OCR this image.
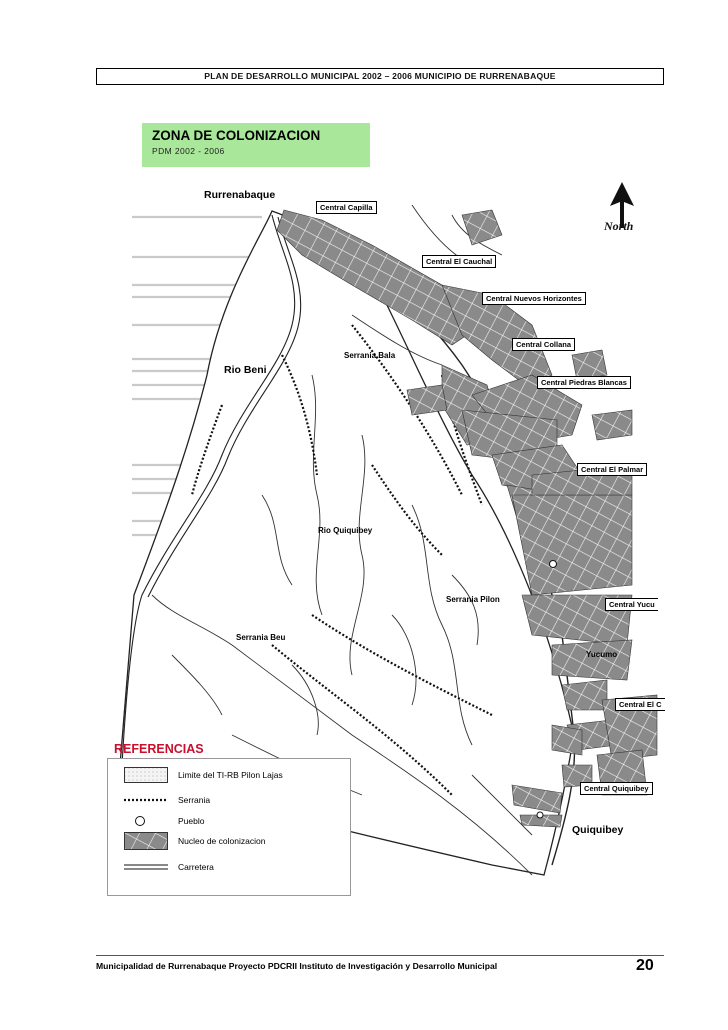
PLAN DE DESARROLLO MUNICIPAL 2002 – 2006 MUNICIPIO DE RURRENABAQUE
ZONA DE COLONIZACION
PDM 2002 - 2006
Rurrenabaque
Rio Beni
Serrania Bala
Rio Quiquibey
Serrania Pilon
Serrania Beu
Yucumo
Quiquibey
Central Capilla
Central El Cauchal
Central Nuevos Horizontes
Central Collana
Central Piedras Blancas
Central El Palmar
Central Yucu
Central El C
Central Quiquibey
North
REFERENCIAS
Limite del TI-RB Pilon Lajas
Serrania
Pueblo
Nucleo de colonizacion
Carretera
Municipalidad de Rurrenabaque Proyecto PDCRII Instituto de Investigación y Desarrollo Municipal	20
